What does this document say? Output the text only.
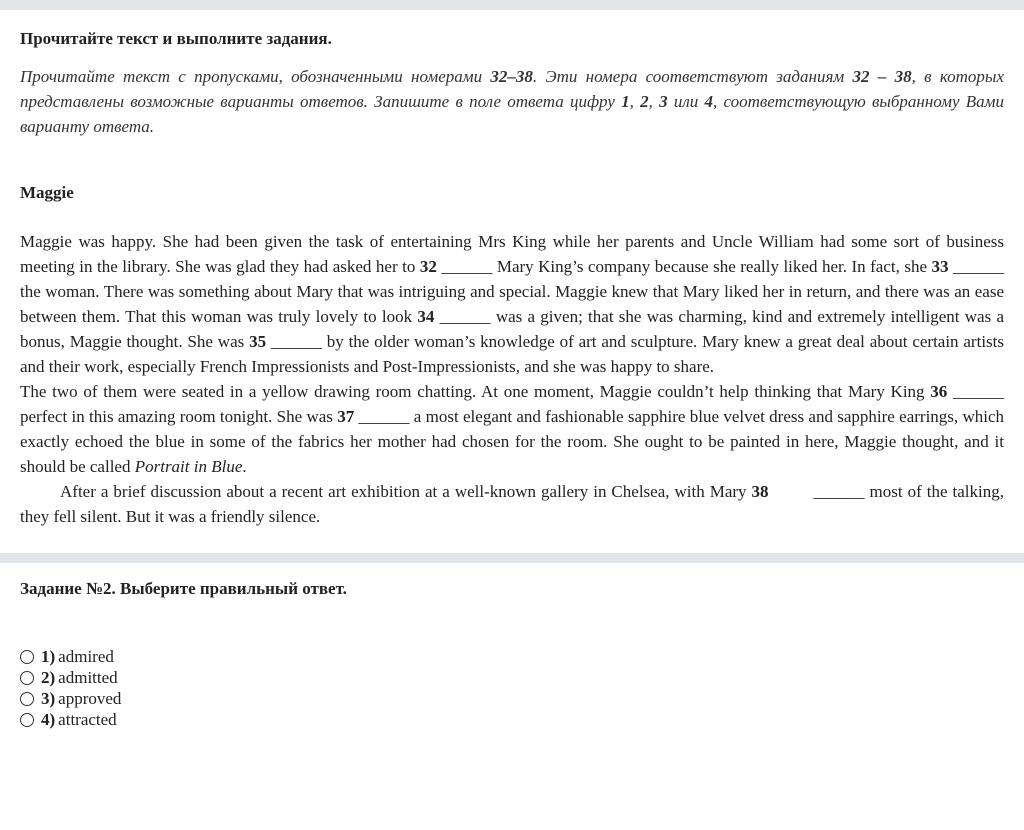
Прочитайте текст и выполните задания.

Прочитайте текст с пропусками, обозначенными номерами 32–38. Эти номера соответствуют заданиям 32 – 38, в которых представлены возможные варианты ответов. Запишите в поле ответа цифру 1, 2, 3 или 4, соответствующую выбранному Вами варианту ответа.

Maggie

Maggie was happy. She had been given the task of entertaining Mrs King while her parents and Uncle William had some sort of business meeting in the library. She was glad they had asked her to 32 ______ Mary King’s company because she really liked her. In fact, she 33 ______ the woman. There was something about Mary that was intriguing and special. Maggie knew that Mary liked her in return, and there was an ease between them. That this woman was truly lovely to look 34 ______ was a given; that she was charming, kind and extremely intelligent was a bonus, Maggie thought. She was 35 ______ by the older woman’s knowledge of art and sculpture. Mary knew a great deal about certain artists and their work, especially French Impressionists and Post-Impressionists, and she was happy to share.

The two of them were seated in a yellow drawing room chatting. At one moment, Maggie couldn’t help thinking that Mary King 36 ______ perfect in this amazing room tonight. She was 37 ______ a most elegant and fashionable sapphire blue velvet dress and sapphire earrings, which exactly echoed the blue in some of the fabrics her mother had chosen for the room. She ought to be painted in here, Maggie thought, and it should be called Portrait in Blue.

After a brief discussion about a recent art exhibition at a well-known gallery in Chelsea, with Mary 38	______ most of the talking, they fell silent. But it was a friendly silence.

Задание №2. Выберите правильный ответ.
1) admired
2) admitted
3) approved
4) attracted
